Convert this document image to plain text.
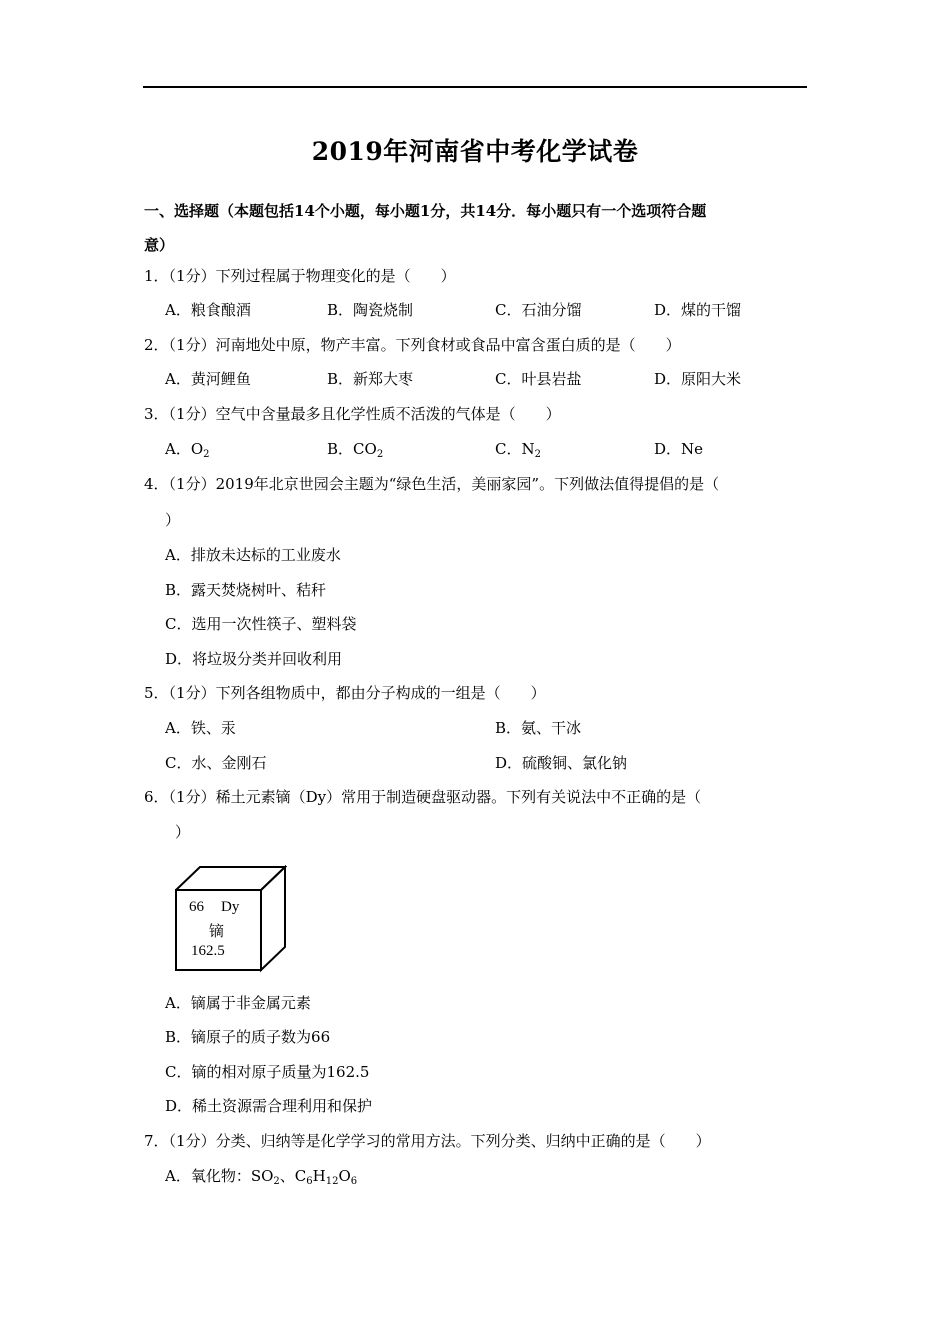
2019年河南省中考化学试卷
一、选择题（本题包括14个小题，每小题1分，共14分．每小题只有一个选项符合题
意）
1．（1分）下列过程属于物理变化的是（　　）
A．粮食酿酒	B．陶瓷烧制	C．石油分馏	D．煤的干馏
2．（1分）河南地处中原，物产丰富。下列食材或食品中富含蛋白质的是（　　）
A．黄河鲤鱼	B．新郑大枣	C．叶县岩盐	D．原阳大米
3．（1分）空气中含量最多且化学性质不活泼的气体是（　　）
A．$O_2$	B．$CO_2$	C．$N_2$	D．Ne
4．（1分）2019年北京世园会主题为“绿色生活，美丽家园”。下列做法值得提倡的是（
）
A．排放未达标的工业废水
B．露天焚烧树叶、秸秆
C．选用一次性筷子、塑料袋
D．将垃圾分类并回收利用
5．（1分）下列各组物质中，都由分子构成的一组是（　　）
A．铁、汞	B．氨、干冰
C．水、金刚石	D．硫酸铜、氯化钠
6．（1分）稀土元素镝（Dy）常用于制造硬盘驱动器。下列有关说法中不正确的是（
）
66 Dy
镝
162.5
A．镝属于非金属元素
B．镝原子的质子数为66
C．镝的相对原子质量为162.5
D．稀土资源需合理利用和保护
7．（1分）分类、归纳等是化学学习的常用方法。下列分类、归纳中正确的是（　　）
A．氧化物：$SO_2$、$C_6H_{12}O_6$
